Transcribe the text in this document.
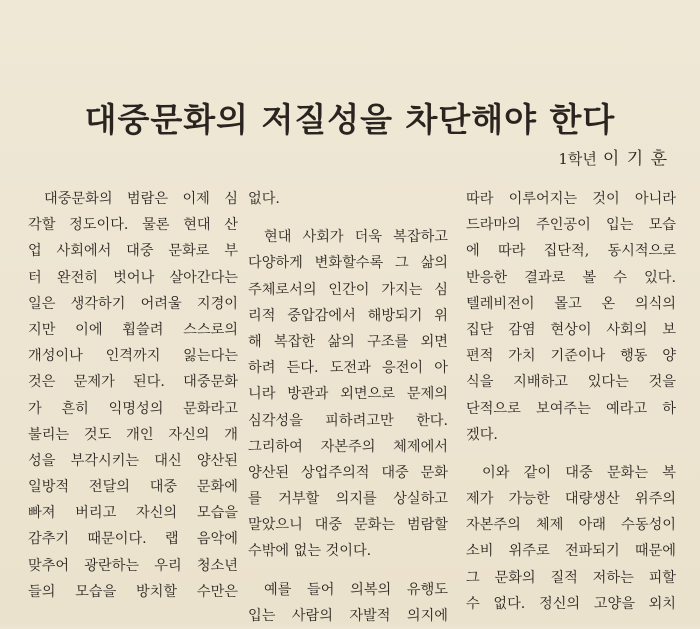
대중문화의 저질성을 차단해야 한다
1학년 이 기 훈
대중문화의 범람은 이제 심
각할 정도이다. 물론 현대 산
업 사회에서 대중 문화로 부
터 완전히 벗어나 살아간다는
일은 생각하기 어려울 지경이
지만 이에 휩쓸려 스스로의
개성이나 인격까지 잃는다는
것은 문제가 된다. 대중문화
가 흔히 익명성의 문화라고
불리는 것도 개인 자신의 개
성을 부각시키는 대신 양산된
일방적 전달의 대중 문화에
빠져 버리고 자신의 모습을
감추기 때문이다. 랩 음악에
맞추어 광란하는 우리 청소년
들의 모습을 방치할 수만은
없다.
현대 사회가 더욱 복잡하고
다양하게 변화할수록 그 삶의
주체로서의 인간이 가지는 심
리적 중압감에서 해방되기 위
해 복잡한 삶의 구조를 외면
하려 든다. 도전과 응전이 아
니라 방관과 외면으로 문제의
심각성을 피하려고만 한다.
그리하여 자본주의 체제에서
양산된 상업주의적 대중 문화
를 거부할 의지를 상실하고
말았으니 대중 문화는 범람할
수밖에 없는 것이다.
예를 들어 의복의 유행도
입는 사람의 자발적 의지에
따라 이루어지는 것이 아니라
드라마의 주인공이 입는 모습
에 따라 집단적, 동시적으로
반응한 결과로 볼 수 있다.
텔레비전이 몰고 온 의식의
집단 감염 현상이 사회의 보
편적 가치 기준이나 행동 양
식을 지배하고 있다는 것을
단적으로 보여주는 예라고 하
겠다.
이와 같이 대중 문화는 복
제가 가능한 대량생산 위주의
자본주의 체제 아래 수동성이
소비 위주로 전파되기 때문에
그 문화의 질적 저하는 피할
수 없다. 정신의 고양을 외치
